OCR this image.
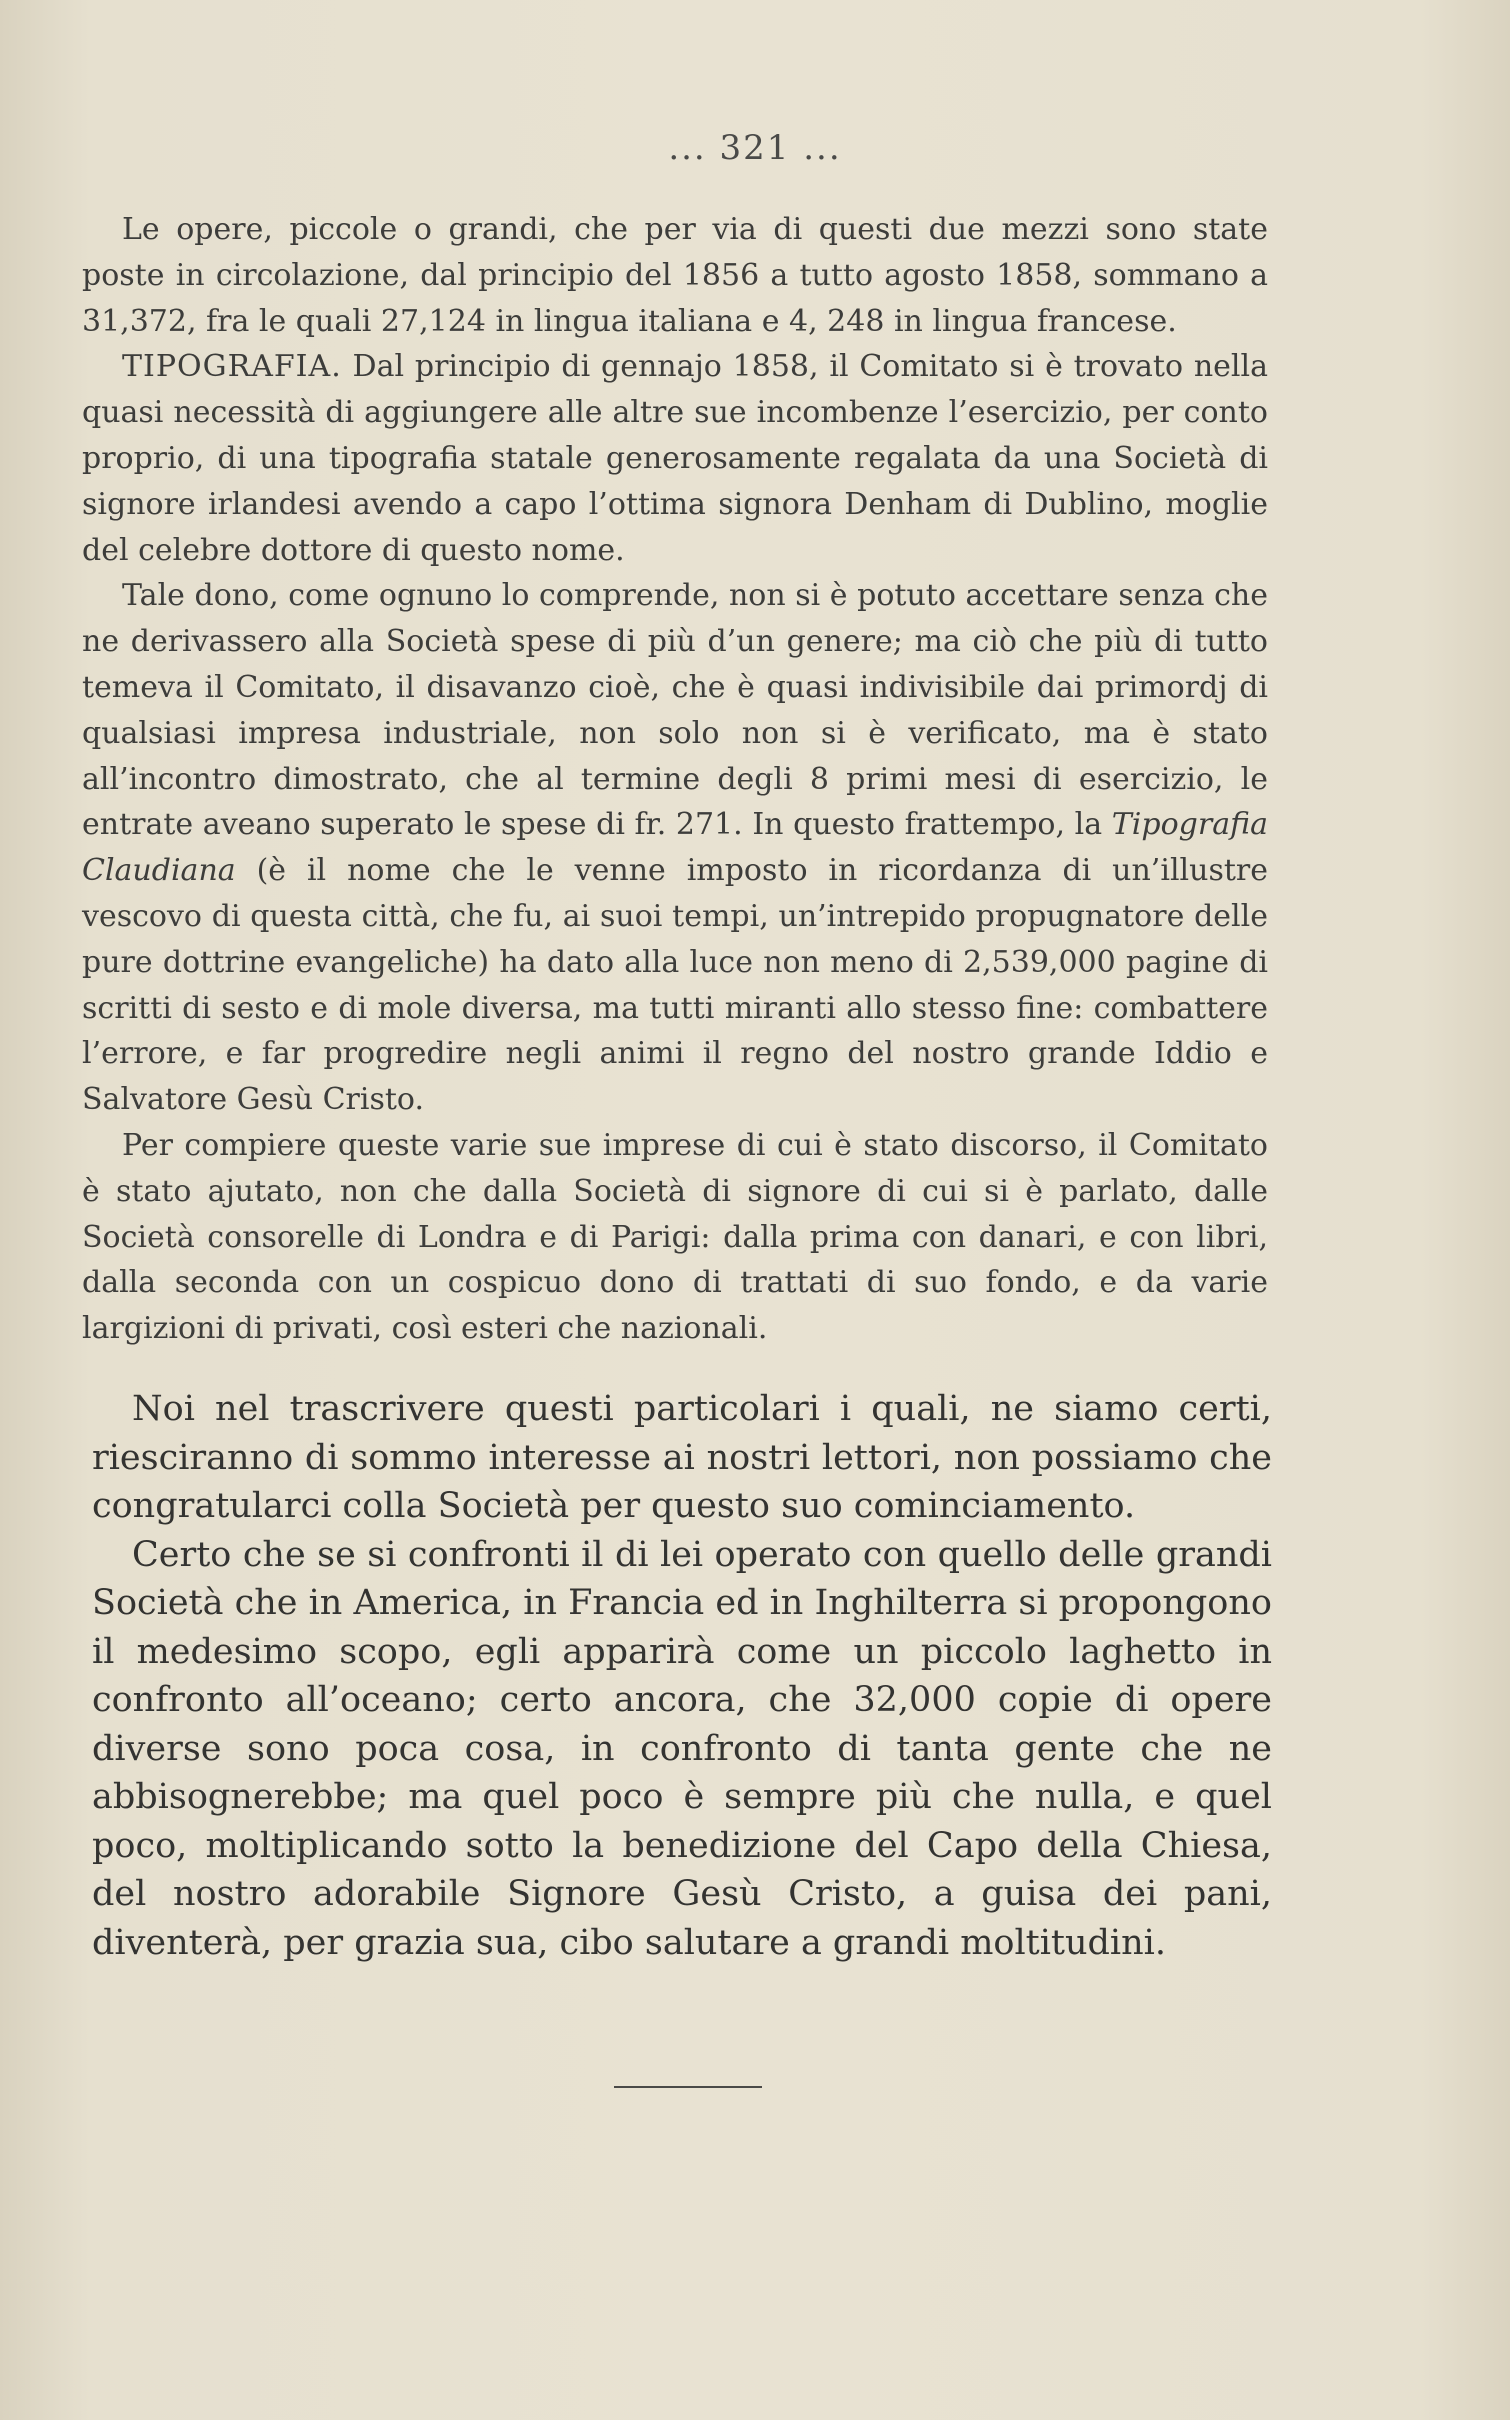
... 321 ...

Le opere, piccole o grandi, che per via di questi due mezzi sono state poste in circolazione, dal principio del 1856 a tutto agosto 1858, sommano a 31,372, fra le quali 27,124 in lingua italiana e 4, 248 in lingua francese.

TIPOGRAFIA. Dal principio di gennajo 1858, il Comitato si è trovato nella quasi necessità di aggiungere alle altre sue incombenze l’esercizio, per conto proprio, di una tipografia statale generosamente regalata da una Società di signore irlandesi avendo a capo l’ottima signora Denham di Dublino, moglie del celebre dottore di questo nome.

Tale dono, come ognuno lo comprende, non si è potuto accettare senza che ne derivassero alla Società spese di più d’un genere; ma ciò che più di tutto temeva il Comitato, il disavanzo cioè, che è quasi indivisibile dai primordj di qualsiasi impresa industriale, non solo non si è verificato, ma è stato all’incontro dimostrato, che al termine degli 8 primi mesi di esercizio, le entrate aveano superato le spese di fr. 271. In questo frattempo, la Tipografia Claudiana (è il nome che le venne imposto in ricordanza di un’illustre vescovo di questa città, che fu, ai suoi tempi, un’intrepido propugnatore delle pure dottrine evangeliche) ha dato alla luce non meno di 2,539,000 pagine di scritti di sesto e di mole diversa, ma tutti miranti allo stesso fine: combattere l’errore, e far progredire negli animi il regno del nostro grande Iddio e Salvatore Gesù Cristo.

Per compiere queste varie sue imprese di cui è stato discorso, il Comitato è stato ajutato, non che dalla Società di signore di cui si è parlato, dalle Società consorelle di Londra e di Parigi: dalla prima con danari, e con libri, dalla seconda con un cospicuo dono di trattati di suo fondo, e da varie largizioni di privati, così esteri che nazionali.

Noi nel trascrivere questi particolari i quali, ne siamo certi, riesciranno di sommo interesse ai nostri lettori, non possiamo che congratularci colla Società per questo suo cominciamento.

Certo che se si confronti il di lei operato con quello delle grandi Società che in America, in Francia ed in Inghilterra si propongono il medesimo scopo, egli apparirà come un piccolo laghetto in confronto all’oceano; certo ancora, che 32,000 copie di opere diverse sono poca cosa, in confronto di tanta gente che ne abbisognerebbe; ma quel poco è sempre più che nulla, e quel poco, moltiplicando sotto la benedizione del Capo della Chiesa, del nostro adorabile Signore Gesù Cristo, a guisa dei pani, diventerà, per grazia sua, cibo salutare a grandi moltitudini.
